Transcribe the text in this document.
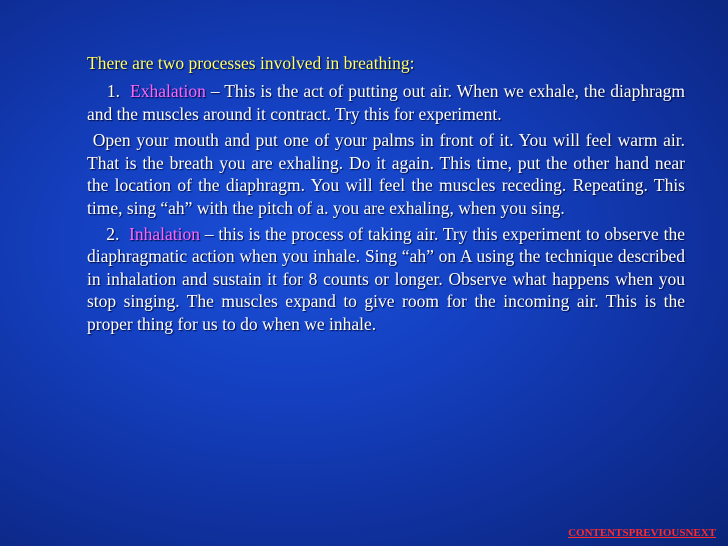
There are two processes involved in breathing:

1. Exhalation – This is the act of putting out air. When we exhale, the diaphragm and the muscles around it contract. Try this for experiment.

Open your mouth and put one of your palms in front of it. You will feel warm air. That is the breath you are exhaling. Do it again. This time, put the other hand near the location of the diaphragm. You will feel the muscles receding. Repeating. This time, sing “ah” with the pitch of a. you are exhaling, when you sing.

2. Inhalation – this is the process of taking air. Try this experiment to observe the diaphragmatic action when you inhale. Sing “ah” on A using the technique described in inhalation and sustain it for 8 counts or longer. Observe what happens when you stop singing. The muscles expand to give room for the incoming air. This is the proper thing for us to do when we inhale.

CONTENTSPREVIOUSNEXT
